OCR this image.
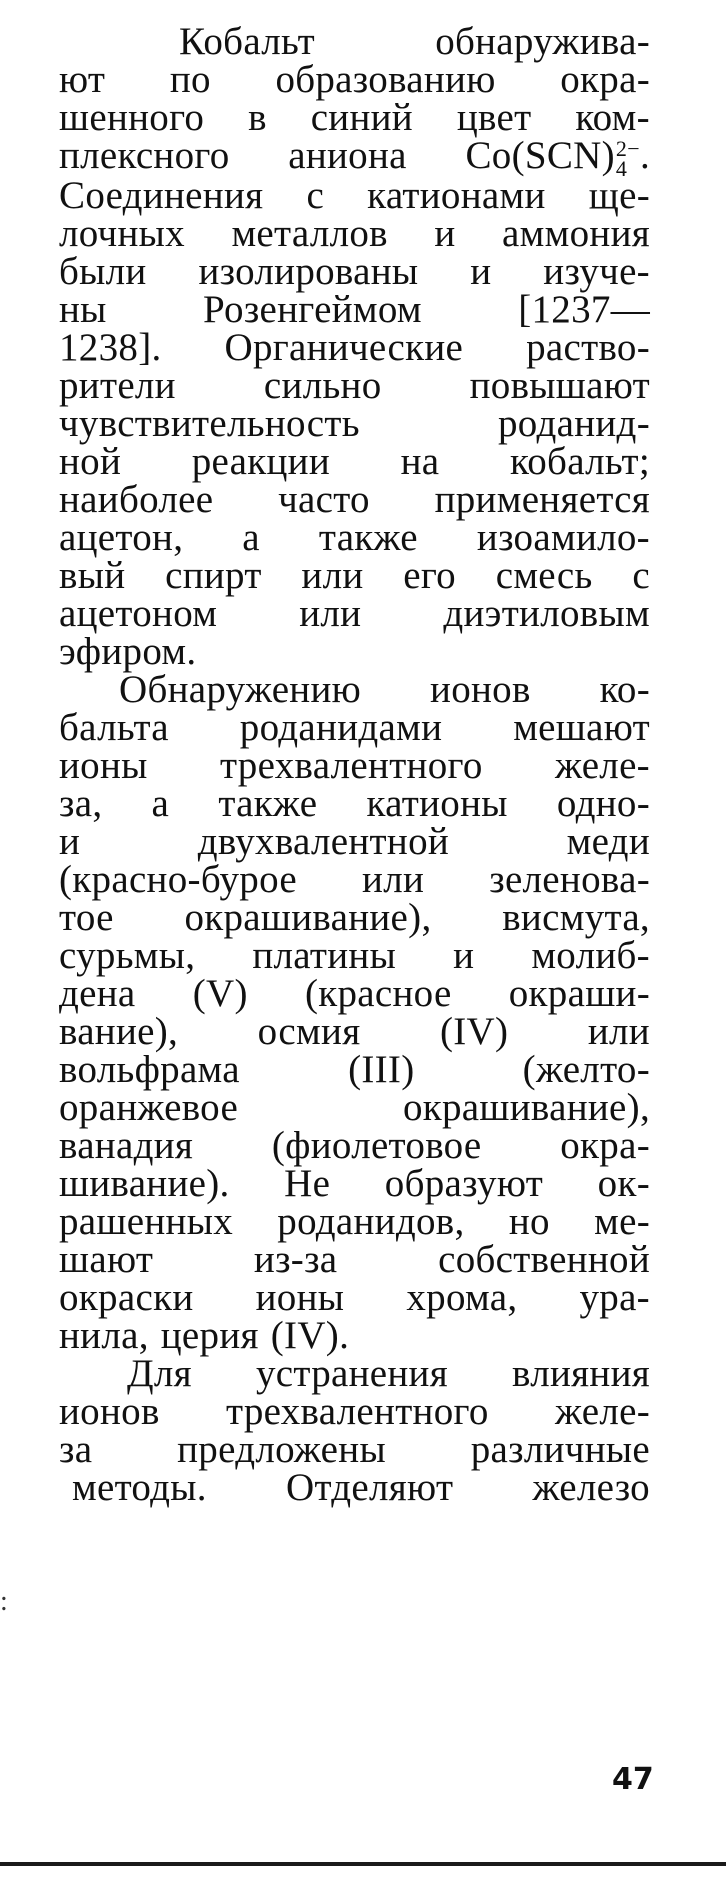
Кобальт	обнаружива-
ют по образованию окра-
шенного в синий цвет ком-
плексного аниона Co(SCN) 2−
4 .
Соединения с катионами ще-
лочных металлов и аммония
были изолированы и изуче-
ны Розенгеймом [1237—
1238]. Органические раство-
рители сильно повышают
чувствительность	роданид-
ной реакции на кобальт;
наиболее часто применяется
ацетон, а также изоамило-
вый спирт или его смесь с
ацетоном или диэтиловым
эфиром.
Обнаружению ионов ко-
бальта роданидами мешают
ионы трехвалентного желе-
за, а также катионы одно-
и	двухвалентной	меди
(красно-бурое или зеленова-
тое окрашивание), висмута,
сурьмы, платины и молиб-
дена (V) (красное окраши-
вание), осмия (IV) или
вольфрама	(III)	(желто-
оранжевое	окрашивание),
ванадия (фиолетовое окра-
шивание). Не образуют ок-
рашенных роданидов, но ме-
шают	из-за	собственной
окраски ионы хрома, ура-
нила, церия (IV).
Для устранения влияния
ионов трехвалентного желе-
за предложены различные
методы. Отделяют железо
:
47
